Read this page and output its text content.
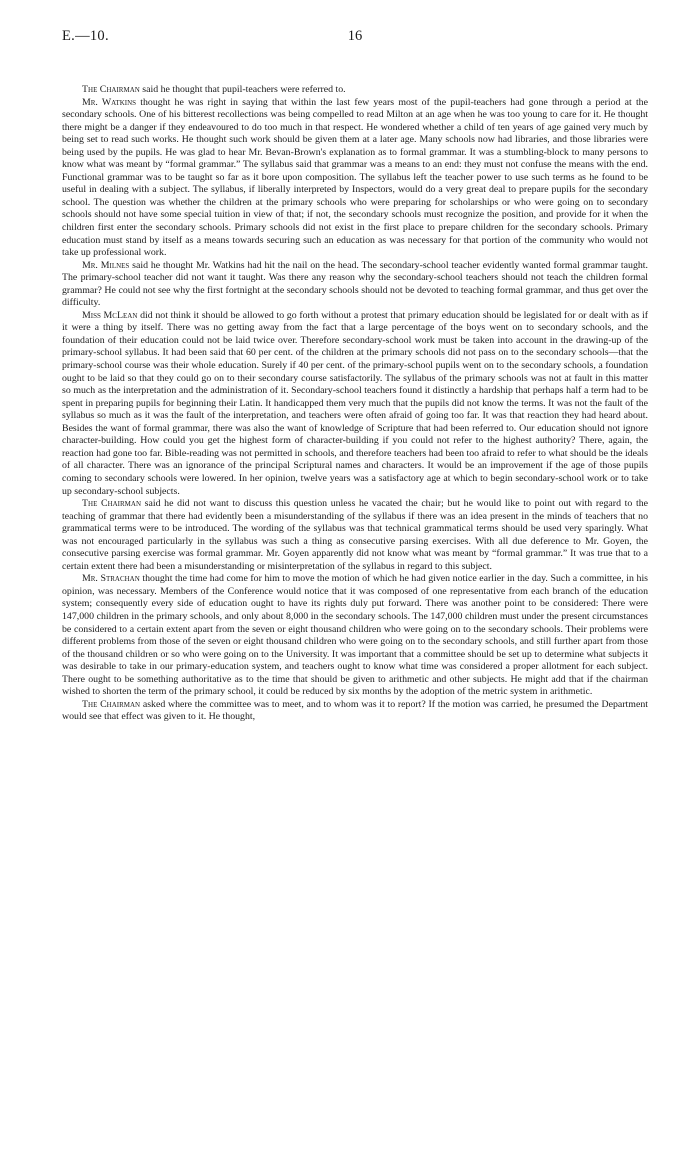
E.—10.	16

The Chairman said he thought that pupil-teachers were referred to.

Mr. Watkins thought he was right in saying that within the last few years most of the pupil-teachers had gone through a period at the secondary schools. One of his bitterest recollections was being compelled to read Milton at an age when he was too young to care for it. He thought there might be a danger if they endeavoured to do too much in that respect. He wondered whether a child of ten years of age gained very much by being set to read such works. He thought such work should be given them at a later age. Many schools now had libraries, and those libraries were being used by the pupils. He was glad to hear Mr. Bevan-Brown's explanation as to formal grammar. It was a stumbling-block to many persons to know what was meant by “formal grammar.” The syllabus said that grammar was a means to an end: they must not confuse the means with the end. Functional grammar was to be taught so far as it bore upon composition. The syllabus left the teacher power to use such terms as he found to be useful in dealing with a subject. The syllabus, if liberally interpreted by Inspectors, would do a very great deal to prepare pupils for the secondary school. The question was whether the children at the primary schools who were preparing for scholarships or who were going on to secondary schools should not have some special tuition in view of that; if not, the secondary schools must recognize the position, and provide for it when the children first enter the secondary schools. Primary schools did not exist in the first place to prepare children for the secondary schools. Primary education must stand by itself as a means towards securing such an education as was necessary for that portion of the community who would not take up professional work.

Mr. Milnes said he thought Mr. Watkins had hit the nail on the head. The secondary-school teacher evidently wanted formal grammar taught. The primary-school teacher did not want it taught. Was there any reason why the secondary-school teachers should not teach the children formal grammar? He could not see why the first fortnight at the secondary schools should not be devoted to teaching formal grammar, and thus get over the difficulty.

Miss McLean did not think it should be allowed to go forth without a protest that primary education should be legislated for or dealt with as if it were a thing by itself. There was no getting away from the fact that a large percentage of the boys went on to secondary schools, and the foundation of their education could not be laid twice over. Therefore secondary-school work must be taken into account in the drawing-up of the primary-school syllabus. It had been said that 60 per cent. of the children at the primary schools did not pass on to the secondary schools—that the primary-school course was their whole education. Surely if 40 per cent. of the primary-school pupils went on to the secondary schools, a foundation ought to be laid so that they could go on to their secondary course satisfactorily. The syllabus of the primary schools was not at fault in this matter so much as the interpretation and the administration of it. Secondary-school teachers found it distinctly a hardship that perhaps half a term had to be spent in preparing pupils for beginning their Latin. It handicapped them very much that the pupils did not know the terms. It was not the fault of the syllabus so much as it was the fault of the interpretation, and teachers were often afraid of going too far. It was that reaction they had heard about. Besides the want of formal grammar, there was also the want of knowledge of Scripture that had been referred to. Our education should not ignore character-building. How could you get the highest form of character-building if you could not refer to the highest authority? There, again, the reaction had gone too far. Bible-reading was not permitted in schools, and therefore teachers had been too afraid to refer to what should be the ideals of all character. There was an ignorance of the principal Scriptural names and characters. It would be an improvement if the age of those pupils coming to secondary schools were lowered. In her opinion, twelve years was a satisfactory age at which to begin secondary-school work or to take up secondary-school subjects.

The Chairman said he did not want to discuss this question unless he vacated the chair; but he would like to point out with regard to the teaching of grammar that there had evidently been a misunderstanding of the syllabus if there was an idea present in the minds of teachers that no grammatical terms were to be introduced. The wording of the syllabus was that technical grammatical terms should be used very sparingly. What was not encouraged particularly in the syllabus was such a thing as consecutive parsing exercises. With all due deference to Mr. Goyen, the consecutive parsing exercise was formal grammar. Mr. Goyen apparently did not know what was meant by “formal grammar.” It was true that to a certain extent there had been a misunderstanding or misinterpretation of the syllabus in regard to this subject.

Mr. Strachan thought the time had come for him to move the motion of which he had given notice earlier in the day. Such a committee, in his opinion, was necessary. Members of the Conference would notice that it was composed of one representative from each branch of the education system; consequently every side of education ought to have its rights duly put forward. There was another point to be considered: There were 147,000 children in the primary schools, and only about 8,000 in the secondary schools. The 147,000 children must under the present circumstances be considered to a certain extent apart from the seven or eight thousand children who were going on to the secondary schools. Their problems were different problems from those of the seven or eight thousand children who were going on to the secondary schools, and still further apart from those of the thousand children or so who were going on to the University. It was important that a committee should be set up to determine what subjects it was desirable to take in our primary-education system, and teachers ought to know what time was considered a proper allotment for each subject. There ought to be something authoritative as to the time that should be given to arithmetic and other subjects. He might add that if the chairman wished to shorten the term of the primary school, it could be reduced by six months by the adoption of the metric system in arithmetic.

The Chairman asked where the committee was to meet, and to whom was it to report? If the motion was carried, he presumed the Department would see that effect was given to it. He thought,
